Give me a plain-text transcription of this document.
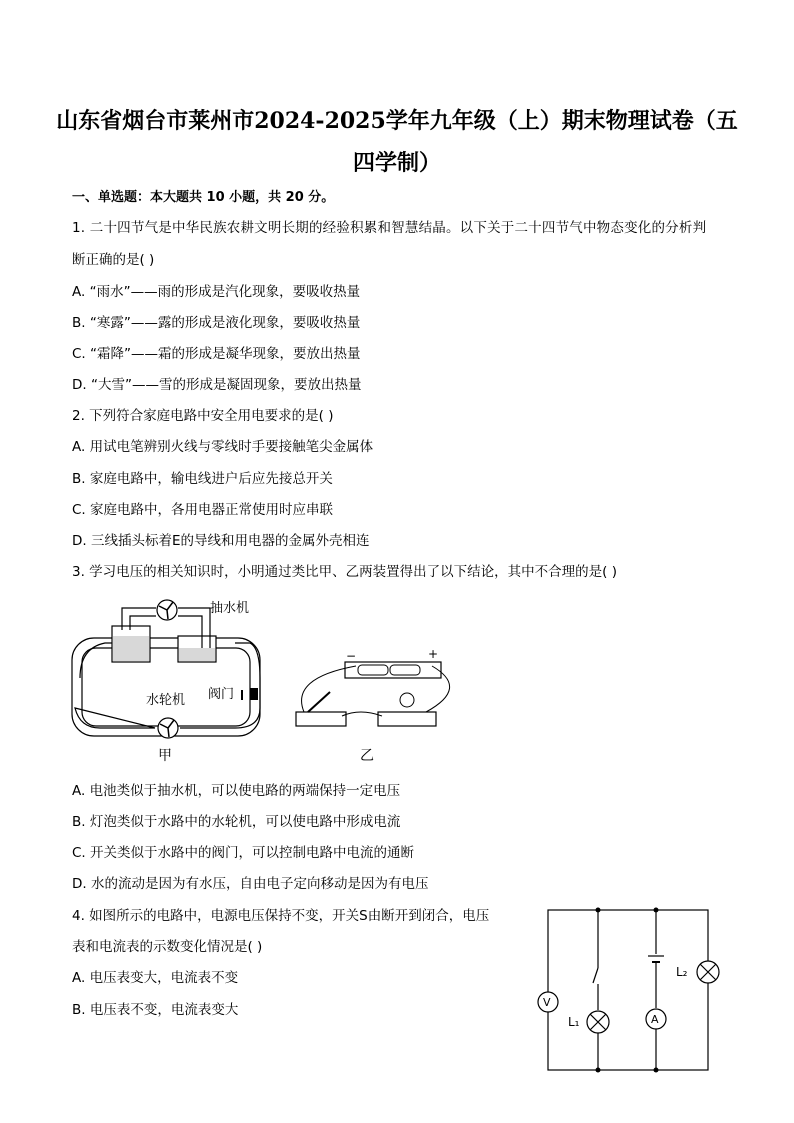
山东省烟台市莱州市2024-2025学年九年级（上）期末物理试卷（五
四学制）
一、单选题：本大题共 10 小题，共 20 分。
1. 二十四节气是中华民族农耕文明长期的经验积累和智慧结晶。以下关于二十四节气中物态变化的分析判
断正确的是( )
A. “雨水”——雨的形成是汽化现象，要吸收热量
B. “寒露”——露的形成是液化现象，要吸收热量
C. “霜降”——霜的形成是凝华现象，要放出热量
D. “大雪”——雪的形成是凝固现象，要放出热量
2. 下列符合家庭电路中安全用电要求的是( )
A. 用试电笔辨别火线与零线时手要接触笔尖金属体
B. 家庭电路中，输电线进户后应先接总开关
C. 家庭电路中，各用电器正常使用时应串联
D. 三线插头标着E的导线和用电器的金属外壳相连
3. 学习电压的相关知识时，小明通过类比甲、乙两装置得出了以下结论，其中不合理的是( )
抽水机
水轮机 阀门
甲
−	+
乙
A. 电池类似于抽水机，可以使电路的两端保持一定电压
B. 灯泡类似于水路中的水轮机，可以使电路中形成电流
C. 开关类似于水路中的阀门，可以控制电路中电流的通断
D. 水的流动是因为有水压，自由电子定向移动是因为有电压
4. 如图所示的电路中，电源电压保持不变，开关S由断开到闭合，电压
表和电流表的示数变化情况是( )
A. 电压表变大，电流表不变
B. 电压表不变，电流表变大
L₁	A
V
L₂
